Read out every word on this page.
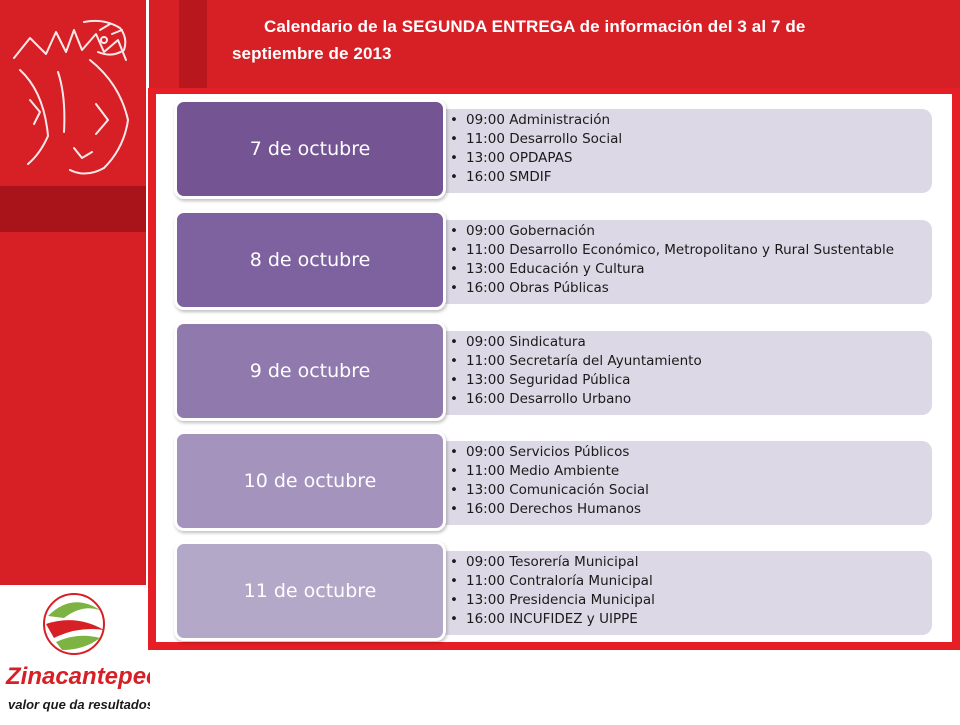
Calendario de la SEGUNDA ENTREGA de información del 3 al 7 de septiembre de 2013

7 de octubre
• 09:00 Administración
• 11:00 Desarrollo Social
• 13:00 OPDAPAS
• 16:00 SMDIF
8 de octubre
• 09:00 Gobernación
• 11:00 Desarrollo Económico, Metropolitano y Rural Sustentable
• 13:00 Educación y Cultura
• 16:00 Obras Públicas
9 de octubre
• 09:00 Sindicatura
• 11:00 Secretaría del Ayuntamiento
• 13:00 Seguridad Pública
• 16:00 Desarrollo Urbano
10 de octubre
• 09:00 Servicios Públicos
• 11:00 Medio Ambiente
• 13:00 Comunicación Social
• 16:00 Derechos Humanos
11 de octubre
• 09:00 Tesorería Municipal
• 11:00 Contraloría Municipal
• 13:00 Presidencia Municipal
• 16:00 INCUFIDEZ y UIPPE
Zinacantepec
valor que da resultados
